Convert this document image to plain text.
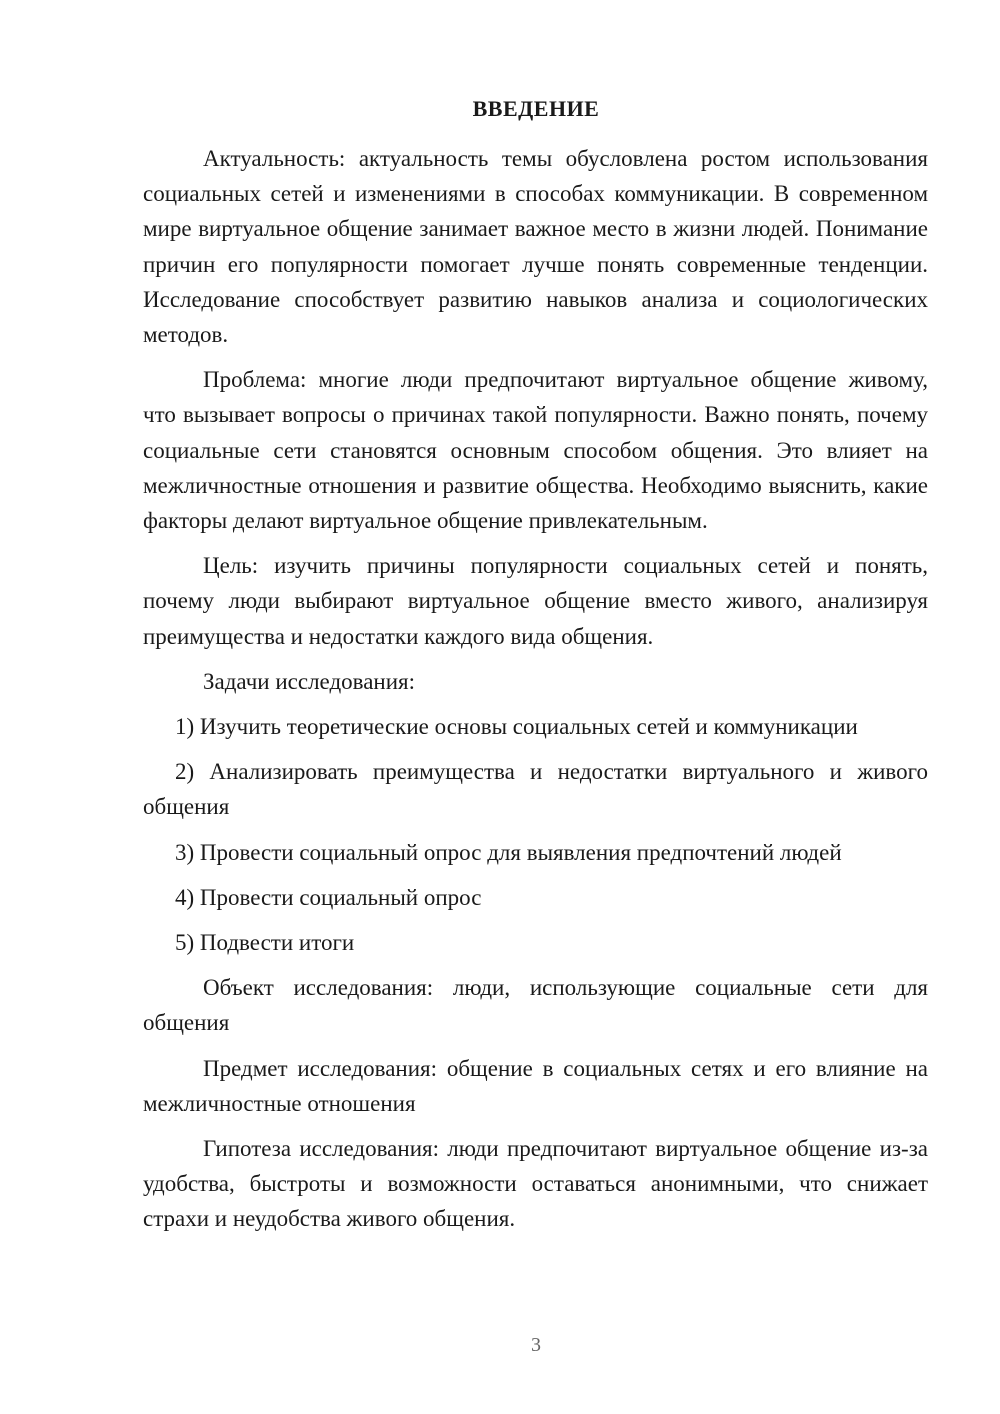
ВВЕДЕНИЕ

Актуальность: актуальность темы обусловлена ростом использования социальных сетей и изменениями в способах коммуникации. В современном мире виртуальное общение занимает важное место в жизни людей. Понимание причин его популярности помогает лучше понять современные тенденции. Исследование способствует развитию навыков анализа и социологических методов.

Проблема: многие люди предпочитают виртуальное общение живому, что вызывает вопросы о причинах такой популярности. Важно понять, почему социальные сети становятся основным способом общения. Это влияет на межличностные отношения и развитие общества. Необходимо выяснить, какие факторы делают виртуальное общение привлекательным.

Цель: изучить причины популярности социальных сетей и понять, почему люди выбирают виртуальное общение вместо живого, анализируя преимущества и недостатки каждого вида общения.

Задачи исследования:

1) Изучить теоретические основы социальных сетей и коммуникации

2) Анализировать преимущества и недостатки виртуального и живого общения

3) Провести социальный опрос для выявления предпочтений людей

4) Провести социальный опрос

5) Подвести итоги

Объект исследования: люди, использующие социальные сети для общения

Предмет исследования: общение в социальных сетях и его влияние на межличностные отношения

Гипотеза исследования: люди предпочитают виртуальное общение из-за удобства, быстроты и возможности оставаться анонимными, что снижает страхи и неудобства живого общения.

3
